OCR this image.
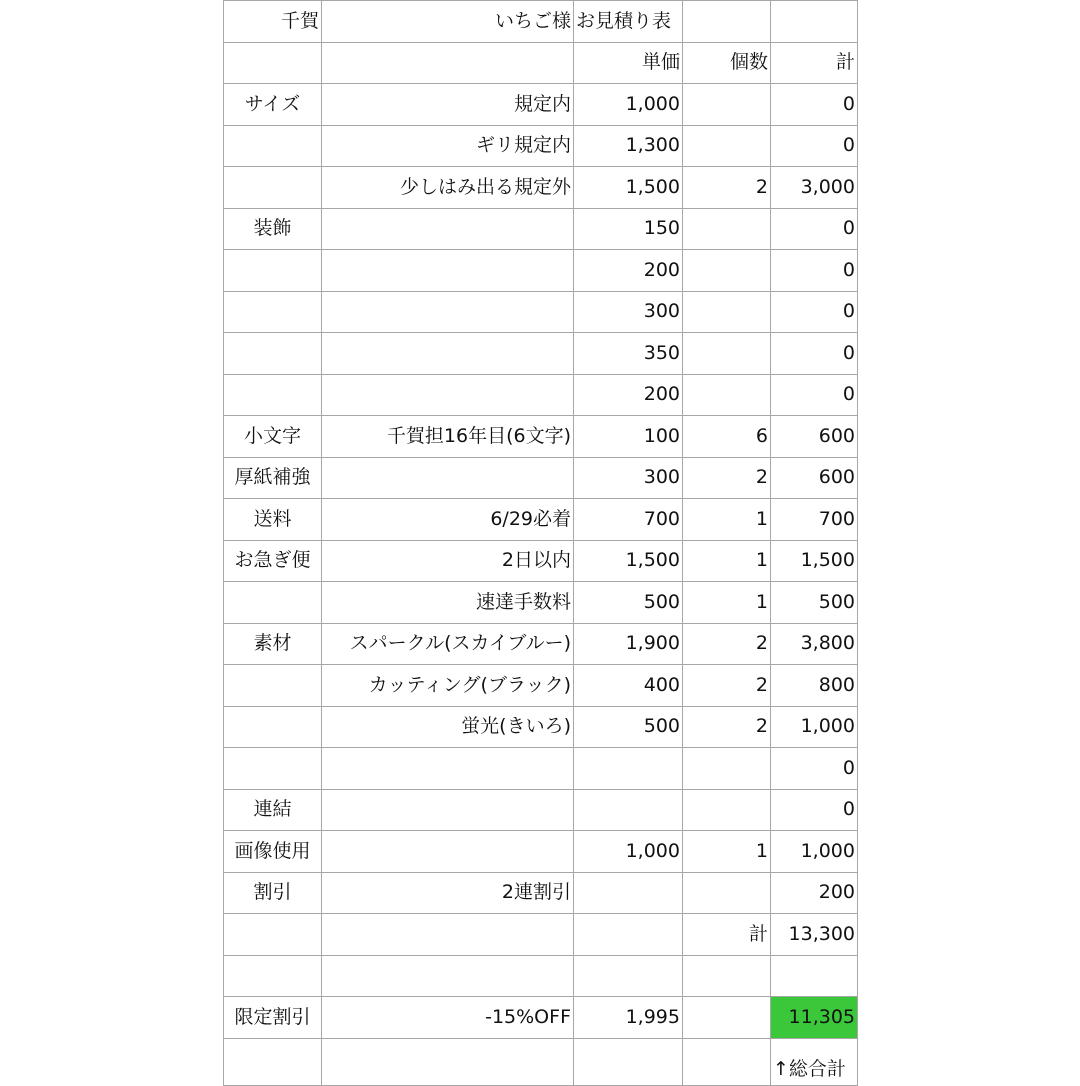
千賀	いちご様	お見積り表		
		単価	個数	計
サイズ	規定内	1,000		0
	ギリ規定内	1,300		0
	少しはみ出る規定外	1,500	2	3,000
装飾		150		0
		200		0
		300		0
		350		0
		200		0
小文字	千賀担16年目(6文字)	100	6	600
厚紙補強		300	2	600
送料	6/29必着	700	1	700
お急ぎ便	2日以内	1,500	1	1,500
	速達手数料	500	1	500
素材	スパークル(スカイブルー)	1,900	2	3,800
	カッティング(ブラック)	400	2	800
	蛍光(きいろ)	500	2	1,000
				0
連結				0
画像使用		1,000	1	1,000
割引	2連割引			200
			計	13,300

限定割引	-15%OFF	1,995		11,305
				↑総合計
